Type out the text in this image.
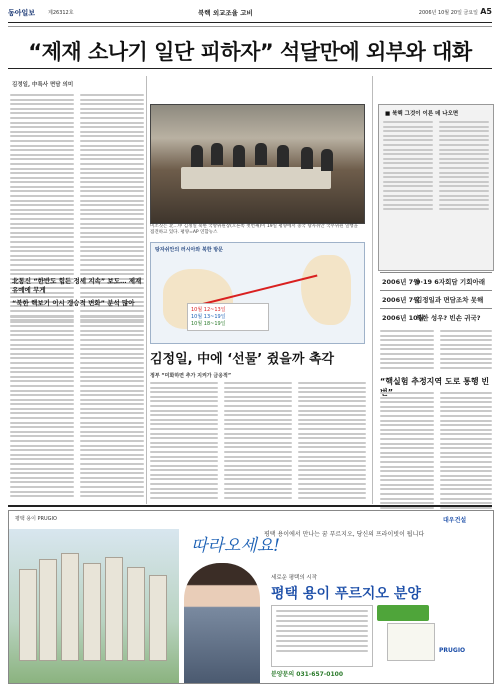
동아일보	제26312호	북핵 외교조율 고비	2006년 10월 20일 금요일 A5
“제재 소나기 일단 피하자” 석달만에 외부와 대화
김정일, 中특사 면담 의미
미소짓는 北…中 김정일 북한 국방위원장(오른쪽 첫번째)이 19일 평양에서 중국 탕자쉬안 국무위원 일행을 접견하고 있다. 평양=AP 연합뉴스
탕자쉬안의 러시아와 북한 방문
10월 12~13일
10월 13~19일
10월 18~19일
■ 북핵 그것이 이른 데 나오면
2006년 7월
9·19 6자회담 기회아래
2006년 7월
김정일과 면담조차 못해
2006년 10월
북한 성우? 빈손 귀국?
北통신 “한반도 힘든 정세 지속” 보도… 제재 유예에 무게
“북한 핵보기 이시 갱승적 변화” 분석 많아
김정일, 中에 ‘선물’ 쥤을까 촉각
정부 “미화하면 추가 지켜가 금응적”
“핵실험 추정지역 도로 통행 빈
평택 용이 PRUGIO	대우건설
따라오세요!
평택 용이에서 만나는 꿈 푸르지오, 당신의 프라이빗이 됩니다
세로운 평택의 시작
평택 용이 푸르지오 분양
분양문의 031-657-0100
PRUGIO
